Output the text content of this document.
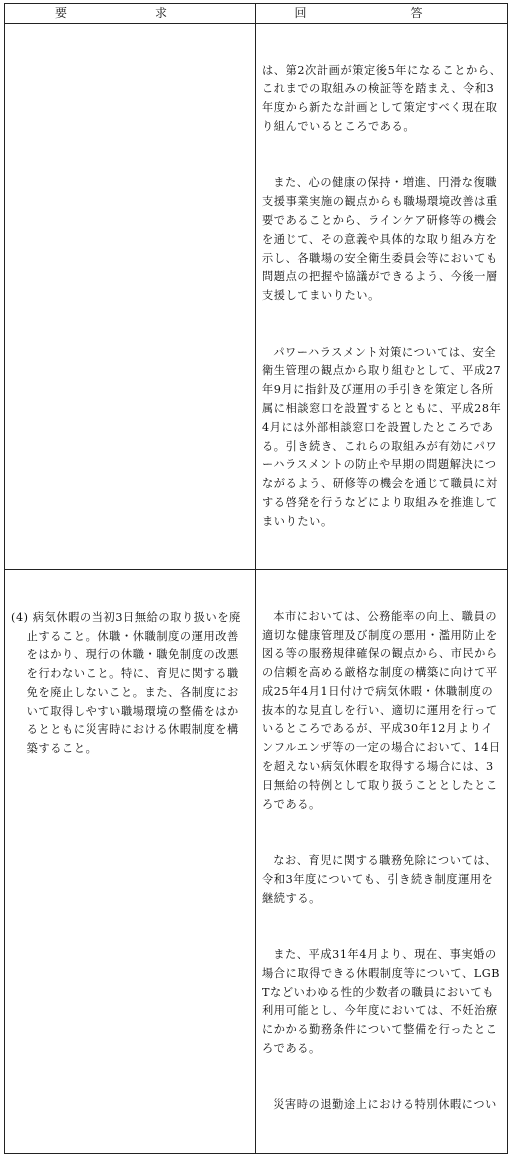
要　求	回　答

	は、第2次計画が策定後5年になることから、これまでの取組みの検証等を踏まえ、令和3年度から新たな計画として策定すべく現在取り組んでいるところである。

また、心の健康の保持・増進、円滑な復職支援事業実施の観点からも職場環境改善は重要であることから、ラインケア研修等の機会を通じて、その意義や具体的な取り組み方を示し、各職場の安全衛生委員会等においても問題点の把握や協議ができるよう、今後一層支援してまいりたい。

パワーハラスメント対策については、安全衛生管理の観点から取り組むとして、平成27年9月に指針及び運用の手引きを策定し各所属に相談窓口を設置するとともに、平成28年4月には外部相談窓口を設置したところである。引き続き、これらの取組みが有効にパワーハラスメントの防止や早期の問題解決につながるよう、研修等の機会を通じて職員に対する啓発を行うなどにより取組みを推進してまいりたい。

(4) 病気休暇の当初3日無給の取り扱いを廃止すること。休職・休職制度の運用改善をはかり、現行の休職・職免制度の改悪を行わないこと。特に、育児に関する職免を廃止しないこと。また、各制度において取得しやすい職場環境の整備をはかるとともに災害時における休暇制度を構築すること。	本市においては、公務能率の向上、職員の適切な健康管理及び制度の悪用・濫用防止を図る等の服務規律確保の観点から、市民からの信頼を高める厳格な制度の構築に向けて平成25年4月1日付けで病気休暇・休職制度の抜本的な見直しを行い、適切に運用を行っているところであるが、平成30年12月よりインフルエンザ等の一定の場合において、14日を超えない病気休暇を取得する場合には、3日無給の特例として取り扱うこととしたところである。

なお、育児に関する職務免除については、令和3年度についても、引き続き制度運用を継続する。

また、平成31年4月より、現在、事実婚の場合に取得できる休暇制度等について、LGBTなどいわゆる性的少数者の職員においても利用可能とし、今年度においては、不妊治療にかかる勤務条件について整備を行ったところである。

災害時の退勤途上における特別休暇につい
